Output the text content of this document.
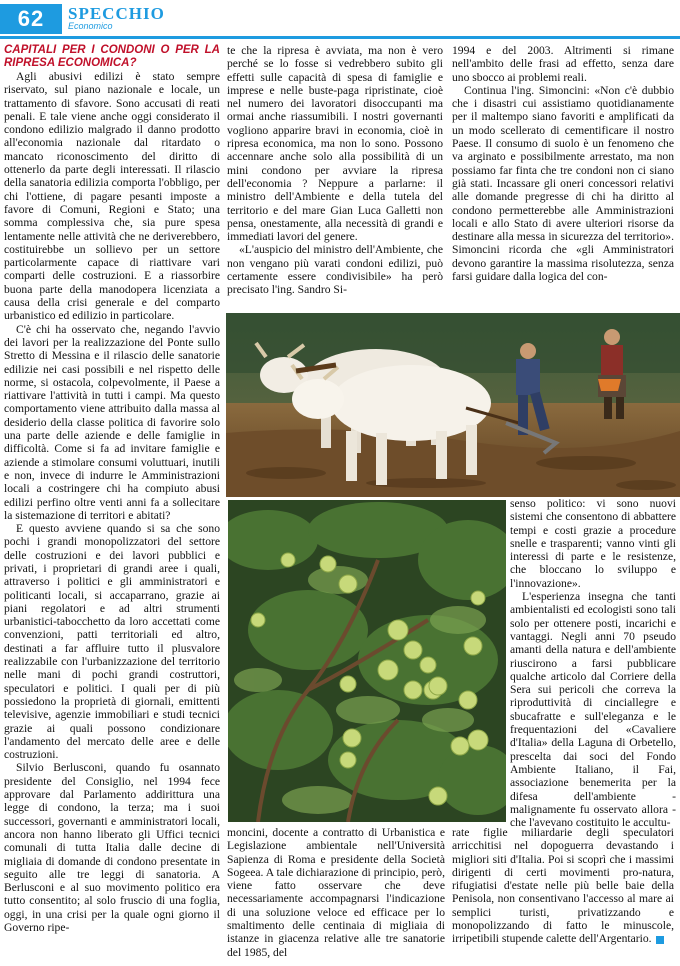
62	SPECCHIO
Economico
CAPITALI PER I CONDONI O PER LA RIPRESA ECONOMICA?

Agli abusivi edilizi è stato sempre riservato, sul piano nazionale e locale, un trattamento di sfavore. Sono accusati di reati penali. E tale viene anche oggi considerato il condono edilizio malgrado il danno prodotto all'economia nazionale dal ritardato o mancato riconoscimento del diritto di ottenerlo da parte degli interessati. Il rilascio della sanatoria edilizia comporta l'obbligo, per chi l'ottiene, di pagare pesanti imposte a favore di Comuni, Regioni e Stato; una somma complessiva che, sia pure spesa lentamente nelle attività che ne deriverebbero, costituirebbe un sollievo per un settore particolarmente capace di riattivare vari comparti delle costruzioni. E a riassorbire buona parte della manodopera licenziata a causa della crisi generale e del comparto urbanistico ed edilizio in particolare.

C'è chi ha osservato che, negando l'avvio dei lavori per la realizzazione del Ponte sullo Stretto di Messina e il rilascio delle sanatorie edilizie nei casi possibili e nel rispetto delle norme, si ostacola, colpevolmente, il Paese a riattivare l'attività in tutti i campi. Ma questo comportamento viene attribuito dalla massa al desiderio della classe politica di favorire solo una parte delle aziende e delle famiglie in difficoltà. Come si fa ad invitare famiglie e aziende a stimolare consumi voluttuari, inutili e non, invece di indurre le Amministrazioni locali a costringere chi ha compiuto abusi edilizi perfino oltre venti anni fa a sollecitare la sistemazione di territori e abitati?

E questo avviene quando si sa che sono pochi i grandi monopolizzatori del settore delle costruzioni e dei lavori pubblici e privati, i proprietari di grandi aree i quali, attraverso i politici e gli amministratori e politicanti locali, si accaparrano, grazie ai piani regolatori e ad altri strumenti urbanistici-tabocchetto da loro accettati come convenzioni, patti territoriali ed altro, destinati a far affluire tutto il plusvalore realizzabile con l'urbanizzazione del territorio nelle mani di pochi grandi costruttori, speculatori e politici. I quali per di più possiedono la proprietà di giornali, emittenti televisive, agenzie immobiliari e studi tecnici grazie ai quali possono condizionare l'andamento del mercato delle aree e delle costruzioni.

Silvio Berlusconi, quando fu osannato presidente del Consiglio, nel 1994 fece approvare dal Parlamento addirittura una legge di condono, la terza; ma i suoi successori, governanti e amministratori locali, ancora non hanno liberato gli Uffici tecnici comunali di tutta Italia dalle decine di migliaia di domande di condono presentate in seguito alle tre leggi di sanatoria. A Berlusconi e al suo movimento politico era tutto consentito; al solo fruscio di una foglia, oggi, in una crisi per la quale ogni giorno il Governo ripe-

te che la ripresa è avviata, ma non è vero perché se lo fosse si vedrebbero subito gli effetti sulle capacità di spesa di famiglie e imprese e nelle buste-paga ripristinate, cioè nel numero dei lavoratori disoccupanti ma ormai anche riassumibili. I nostri governanti vogliono apparire bravi in economia, cioè in ripresa economica, ma non lo sono. Possono accennare anche solo alla possibilità di un mini condono per avviare la ripresa dell'economia ? Neppure a parlarne: il ministro dell'Ambiente e della tutela del territorio e del mare Gian Luca Galletti non pensa, onestamente, alla necessità di grandi e immediati lavori del genere.

«L'auspicio del ministro dell'Ambiente, che non vengano più varati condoni edilizi, può certamente essere condivisibile» ha però precisato l'ing. Sandro Si-

1994 e del 2003. Altrimenti si rimane nell'ambito delle frasi ad effetto, senza dare uno sbocco ai problemi reali.

Continua l'ing. Simoncini: «Non c'è dubbio che i disastri cui assistiamo quotidianamente per il maltempo siano favoriti e amplificati da un modo scellerato di cementificare il nostro Paese. Il consumo di suolo è un fenomeno che va arginato e possibilmente arrestato, ma non possiamo far finta che tre condoni non ci siano già stati. Incassare gli oneri concessori relativi alle domande pregresse di chi ha diritto al condono permetterebbe alle Amministrazioni locali e allo Stato di avere ulteriori risorse da destinare alla messa in sicurezza del territorio». Simoncini ricorda che «gli Amministratori devono garantire la massima risolutezza, senza farsi guidare dalla logica del con-

senso politico: vi sono nuovi sistemi che consentono di abbattere tempi e costi grazie a procedure snelle e trasparenti; vanno vinti gli interessi di parte e le resistenze, che bloccano lo sviluppo e l'innovazione».

L'esperienza insegna che tanti ambientalisti ed ecologisti sono tali solo per ottenere posti, incarichi e vantaggi. Negli anni 70 pseudo amanti della natura e dell'ambiente riuscirono a farsi pubblicare qualche articolo dal Corriere della Sera sui pericoli che correva la riproduttività di cinciallegre e sbucafratte e sull'eleganza e le frequentazioni del «Cavaliere d'Italia» della Laguna di Orbetello, prescelta dai soci del Fondo Ambiente Italiano, il Fai, associazione benemerita per la difesa dell'ambiente - malignamente fu osservato allora - che l'avevano costituito le accultu-

moncini, docente a contratto di Urbanistica e Legislazione ambientale nell'Università Sapienza di Roma e presidente della Società Sogeea. A tale dichiarazione di principio, però, viene fatto osservare che deve necessariamente accompagnarsi l'indicazione di una soluzione veloce ed efficace per lo smaltimento delle centinaia di migliaia di istanze in giacenza relative alle tre sanatorie del 1985, del

rate figlie miliardarie degli speculatori arricchitisi nel dopoguerra devastando i migliori siti d'Italia. Poi si scoprì che i massimi dirigenti di certi movimenti pro-natura, rifugiatisi d'estate nelle più belle baie della Penisola, non consentivano l'accesso al mare ai semplici turisti, privatizzando e monopolizzando di fatto le minuscole, irripetibili stupende calette dell'Argentario.
